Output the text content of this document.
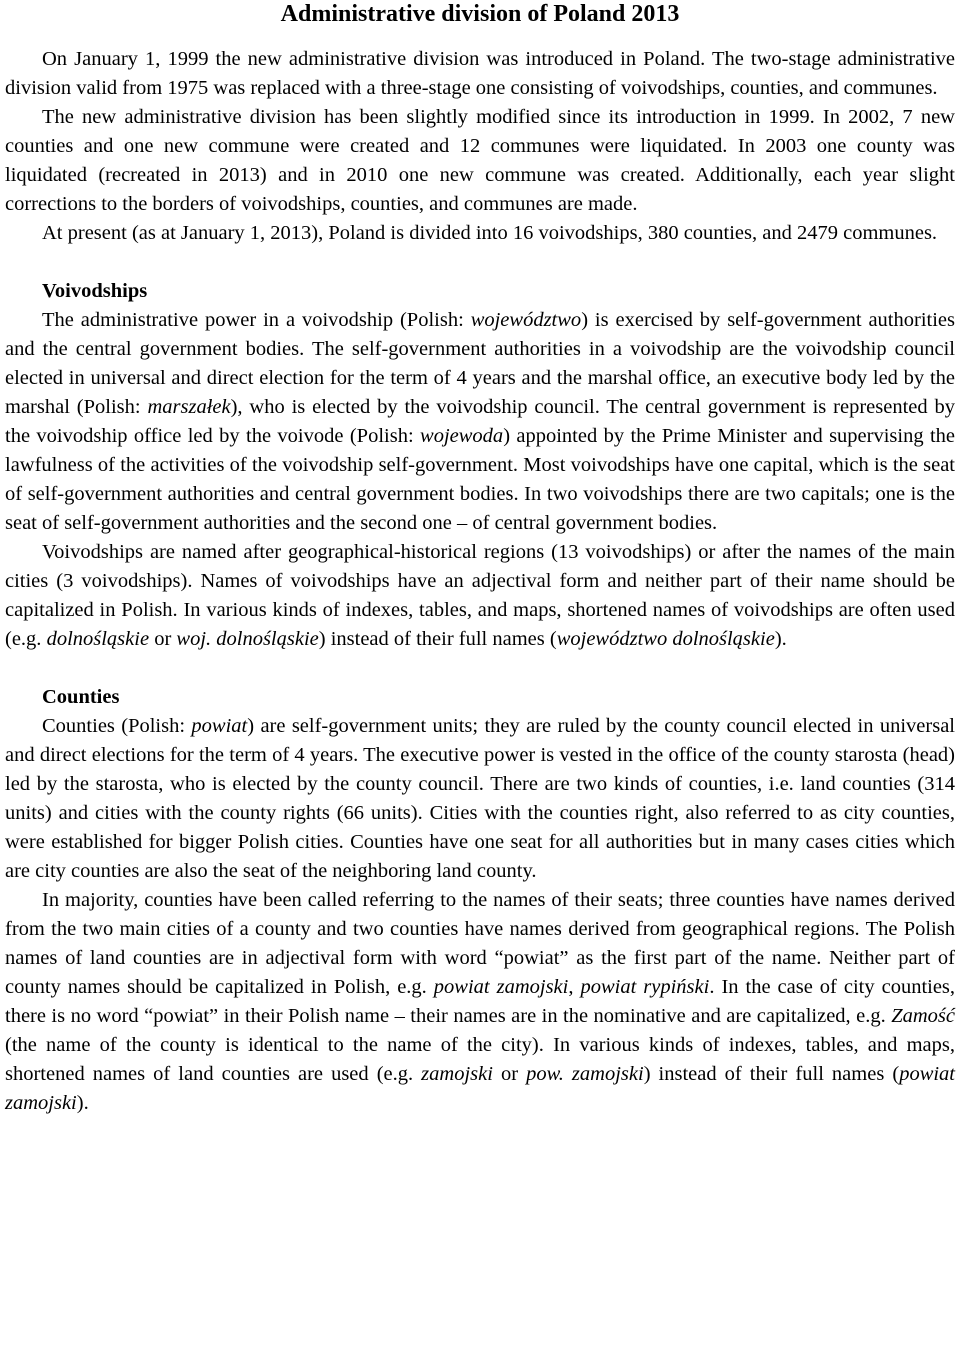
Administrative division of Poland 2013

On January 1, 1999 the new administrative division was introduced in Poland. The two-stage administrative division valid from 1975 was replaced with a three-stage one consisting of voivodships, counties, and communes.

The new administrative division has been slightly modified since its introduction in 1999. In 2002, 7 new counties and one new commune were created and 12 communes were liquidated. In 2003 one county was liquidated (recreated in 2013) and in 2010 one new commune was created. Additionally, each year slight corrections to the borders of voivodships, counties, and communes are made.

At present (as at January 1, 2013), Poland is divided into 16 voivodships, 380 counties, and 2479 communes.

Voivodships

The administrative power in a voivodship (Polish: województwo) is exercised by self-government authorities and the central government bodies. The self-government authorities in a voivodship are the voivodship council elected in universal and direct election for the term of 4 years and the marshal office, an executive body led by the marshal (Polish: marszałek), who is elected by the voivodship council. The central government is represented by the voivodship office led by the voivode (Polish: wojewoda) appointed by the Prime Minister and supervising the lawfulness of the activities of the voivodship self-government. Most voivodships have one capital, which is the seat of self-government authorities and central government bodies. In two voivodships there are two capitals; one is the seat of self-government authorities and the second one – of central government bodies.

Voivodships are named after geographical-historical regions (13 voivodships) or after the names of the main cities (3 voivodships). Names of voivodships have an adjectival form and neither part of their name should be capitalized in Polish. In various kinds of indexes, tables, and maps, shortened names of voivodships are often used (e.g. dolnośląskie or woj. dolnośląskie) instead of their full names (województwo dolnośląskie).

Counties

Counties (Polish: powiat) are self-government units; they are ruled by the county council elected in universal and direct elections for the term of 4 years. The executive power is vested in the office of the county starosta (head) led by the starosta, who is elected by the county council. There are two kinds of counties, i.e. land counties (314 units) and cities with the county rights (66 units). Cities with the counties right, also referred to as city counties, were established for bigger Polish cities. Counties have one seat for all authorities but in many cases cities which are city counties are also the seat of the neighboring land county.

In majority, counties have been called referring to the names of their seats; three counties have names derived from the two main cities of a county and two counties have names derived from geographical regions. The Polish names of land counties are in adjectival form with word “powiat” as the first part of the name. Neither part of county names should be capitalized in Polish, e.g. powiat zamojski, powiat rypiński. In the case of city counties, there is no word “powiat” in their Polish name – their names are in the nominative and are capitalized, e.g. Zamość (the name of the county is identical to the name of the city). In various kinds of indexes, tables, and maps, shortened names of land counties are used (e.g. zamojski or pow. zamojski) instead of their full names (powiat zamojski).
